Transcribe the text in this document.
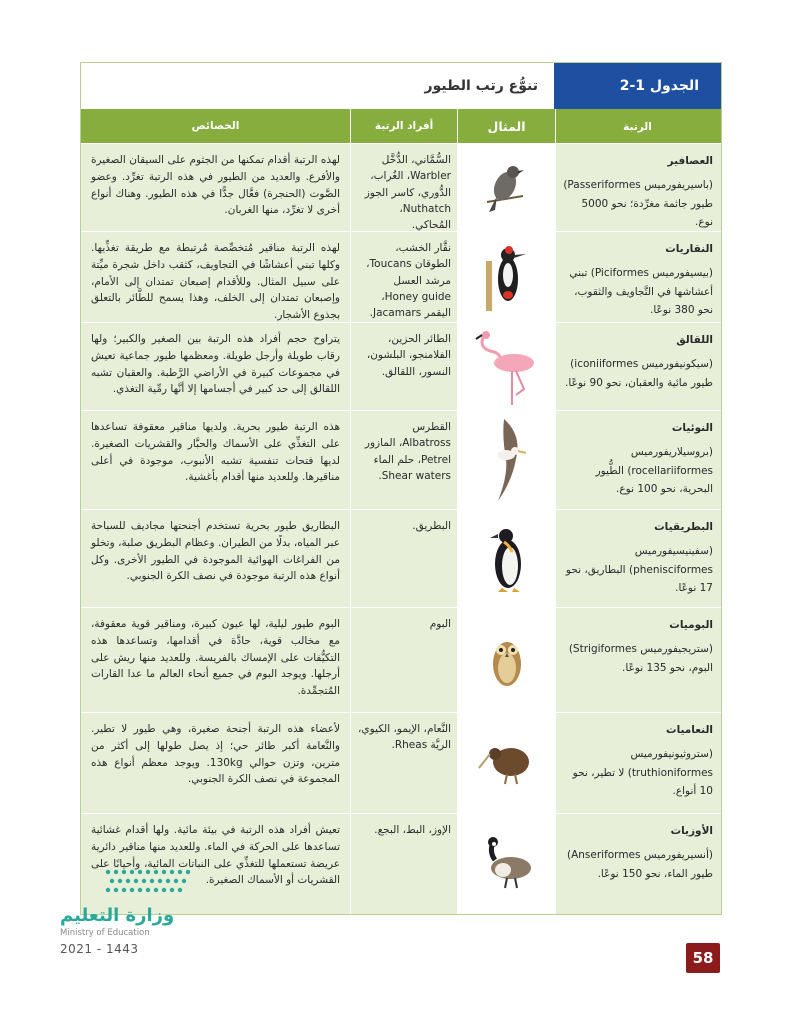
الجدول 1-2
تنوُّع رتب الطيور
الرتبة
المثال
أفراد الرتبة
الخصائص
العصافير
(باسيريفورميس Passeriformes)
طيور جاثمة مغرِّدة؛ نحو 5000 نوع.
السُّمَّاني، الدُّخَّل Warbler، الغُراب، الدُّوري، كاسر الجوز Nuthatch، المُحاكي.
لهذه الرتبة أقدام تمكنها من الجثوم على السيقان الصغيرة والأفرع. والعديد من الطيور في هذه الرتبة تغرِّد. وعضو الصَّوت (الحنجرة) فعَّال جدًّا في هذه الطيور. وهناك أنواع أخرى لا تغرِّد، منها الغربان.
النقاريات
(بيسيفورميس Piciformes) تبني أعشاشها في التَّجاويف والثقوب، نحو 380 نوعًا.
نقَّار الخشب، الطوقان Toucans، مرشد العسل Honey guide، اليقمر Jacamars.
لهذه الرتبة مناقير مُتخصِّصة مُرتبطة مع طريقة تغذِّيها. وكلها تبني أعشاشًا في التجاويف، كثقب داخل شجرة ميِّتة على سبيل المثال. وللأقدام إصبعان تمتدان إلى الأمام، وإصبعان تمتدان إلى الخلف، وهذا يسمح للطَّائر بالتعلق بجذوع الأشجار.
اللقالق
(سيكونيفورميس iconiiformes) طيور مائية والعقبان، نحو 90 نوعًا.
الطائر الحزين، الفلامنجو، البلشون، النسور، اللقالق.
يتراوح حجم أفراد هذه الرتبة بين الصغير والكبير؛ ولها رقاب طويلة وأرجل طويلة. ومعظمها طيور جماعية تعيش في مجموعات كبيرة في الأراضي الرَّطبة. والعقبان تشبه اللقالق إلى حد كبير في أجسامها إلا أنَّها رمِّية التغذي.
النوئيات
(بروسيلاريفورميس rocellariiformes) الطُّيور البحرية، نحو 100 نوع.
القطرس Albatross، المازور Petrel، حلم الماء Shear waters.
هذه الرتبة طيور بحرية. ولديها مناقير معقوفة تساعدها على التغذِّي على الأسماك والحبَّار والقشريات الصغيرة. لديها فتحات تنفسية تشبه الأنبوب، موجودة في أعلى مناقيرها. وللعديد منها أقدام بأغشية.
البطريقيات
(سفينيسيفورميس phenisciformes) البطاريق، نحو 17 نوعًا.
البطريق.
البطاريق طيور بحرية تستخدم أجنحتها مجاديف للسباحة عبر المياه، بدلًا من الطيران. وعظام البطريق صلبة، وتخلو من الفراغات الهوائية الموجودة في الطيور الأخرى. وكل أنواع هذه الرتبة موجودة في نصف الكرة الجنوبي.
البوميات
(ستريجيفورميس Strigiformes) البوم، نحو 135 نوعًا.
البوم
البوم طيور ليلية، لها عيون كبيرة، ومناقير قوية معقوفة، مع مخالب قوية، حادَّة في أقدامها، وتساعدها هذه التكيُّفات على الإمساك بالفريسة. وللعديد منها ريش على أرجلها. ويوجد البوم في جميع أنحاء العالم ما عدا القارات المُتجمِّدة.
النعاميات
(ستروثيونيفورميس truthioniformes) لا تطير، نحو 10 أنواع.
النَّعام، الإيمو، الكيوي، الريَّة Rheas.
لأعضاء هذه الرتبة أجنحة صغيرة، وهي طيور لا تطير. والنَّعامة أكبر طائر حي؛ إذ يصل طولها إلى أكثر من مترين، وتزن حوالي 130kg. ويوجد معظم أنواع هذه المجموعة في نصف الكرة الجنوبي.
الأوزيات
(أنسيريفورميس Anseriformes) طيور الماء، نحو 150 نوعًا.
الإوز، البط، البجع.
تعيش أفراد هذه الرتبة في بيئة مائية. ولها أقدام غشائية تساعدها على الحركة في الماء. وللعديد منها مناقير دائرية عريضة تستعملها للتغذِّي على النباتات المائية، وأحيانًا على القشريات أو الأسماك الصغيرة.
وزارة التعليم
Ministry of Education
2021 - 1443	58
